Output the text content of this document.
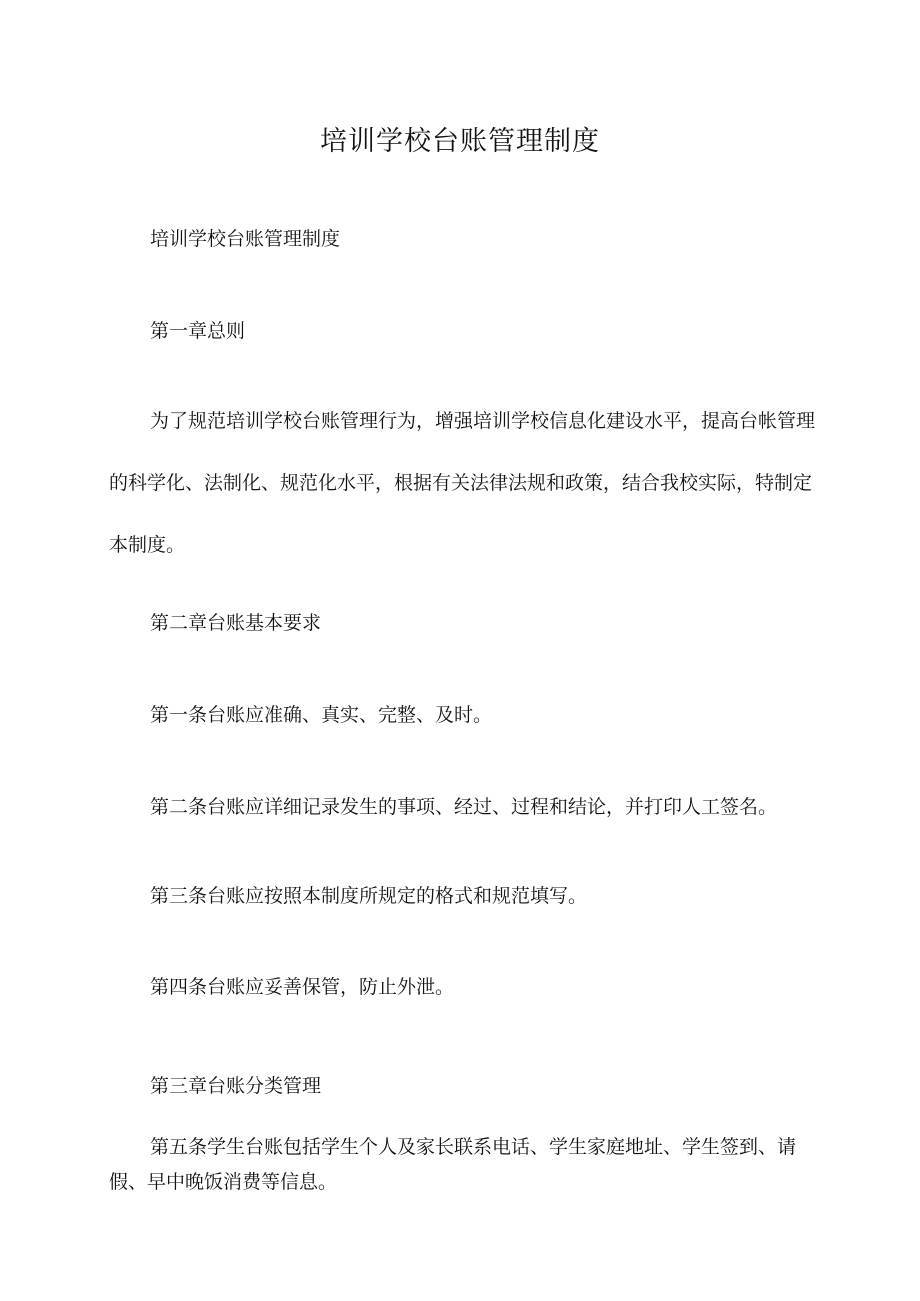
培训学校台账管理制度

培训学校台账管理制度

第一章总则

为了规范培训学校台账管理行为，增强培训学校信息化建设水平，提高台帐管理的科学化、法制化、规范化水平，根据有关法律法规和政策，结合我校实际，特制定本制度。

第二章台账基本要求

第一条台账应准确、真实、完整、及时。

第二条台账应详细记录发生的事项、经过、过程和结论，并打印人工签名。

第三条台账应按照本制度所规定的格式和规范填写。

第四条台账应妥善保管，防止外泄。

第三章台账分类管理

第五条学生台账包括学生个人及家长联系电话、学生家庭地址、学生签到、请假、早中晚饭消费等信息。
